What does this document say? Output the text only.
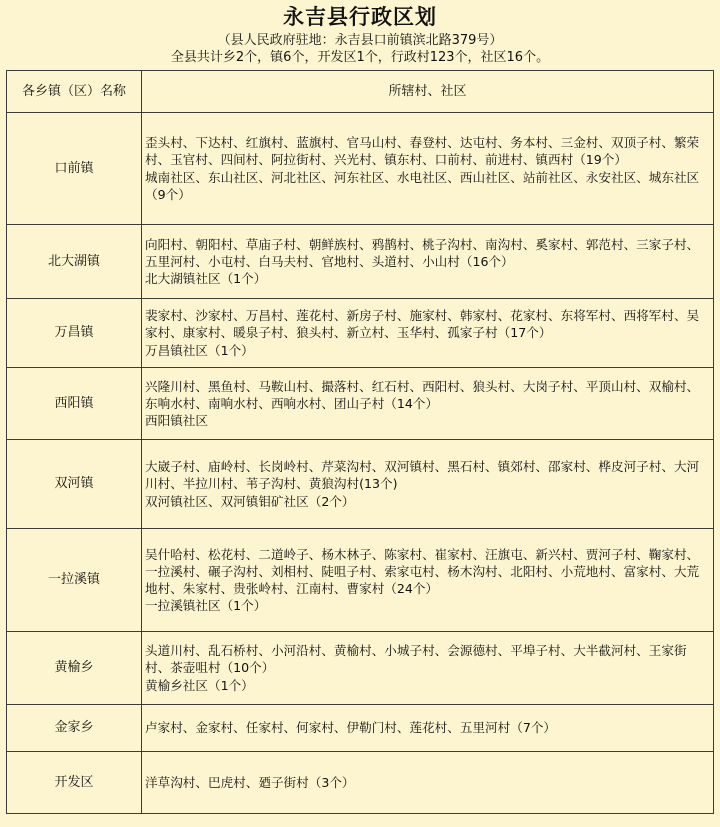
永吉县行政区划
（县人民政府驻地：永吉县口前镇滨北路379号）
全县共计乡2个，镇6个，开发区1个，行政村123个，社区16个。
各乡镇（区）名称	所辖村、社区
口前镇	歪头村、下达村、红旗村、蓝旗村、官马山村、春登村、达屯村、务本村、三金村、双顶子村、繁荣村、玉官村、四间村、阿拉街村、兴光村、镇东村、口前村、前进村、镇西村（19个）
城南社区、东山社区、河北社区、河东社区、水电社区、西山社区、站前社区、永安社区、城东社区（9个）

北大湖镇	向阳村、朝阳村、草庙子村、朝鲜族村、鸦鹊村、桃子沟村、南沟村、奚家村、郭范村、三家子村、五里河村、小屯村、白马夫村、官地村、头道村、小山村（16个）
北大湖镇社区（1个）

万昌镇	裴家村、沙家村、万昌村、莲花村、新房子村、施家村、韩家村、花家村、东将军村、西将军村、吴家村、康家村、暖泉子村、狼头村、新立村、玉华村、孤家子村（17个）
万昌镇社区（1个）

西阳镇	兴隆川村、黑鱼村、马鞍山村、撮落村、红石村、西阳村、狼头村、大岗子村、平顶山村、双榆村、东响水村、南响水村、西响水村、团山子村（14个）
西阳镇社区

双河镇	大崴子村、庙岭村、长岗岭村、芹菜沟村、双河镇村、黑石村、镇郊村、邵家村、桦皮河子村、大河川村、半拉川村、苇子沟村、黄狼沟村(13个)
双河镇社区、双河镇钼矿社区（2个）

一拉溪镇	吴什哈村、松花村、二道岭子、杨木林子、陈家村、崔家村、汪旗屯、新兴村、贾河子村、鞠家村、一拉溪村、碾子沟村、刘相村、陡咀子村、索家屯村、杨木沟村、北阳村、小荒地村、富家村、大荒地村、朱家村、贵张岭村、江南村、曹家村（24个）
一拉溪镇社区（1个）

黄榆乡	头道川村、乱石桥村、小河沿村、黄榆村、小城子村、会源德村、平埠子村、大半截河村、王家街村、茶壶咀村（10个）
黄榆乡社区（1个）

金家乡	卢家村、金家村、任家村、何家村、伊勒门村、莲花村、五里河村（7个）

开发区	洋草沟村、巴虎村、廼子街村（3个）
